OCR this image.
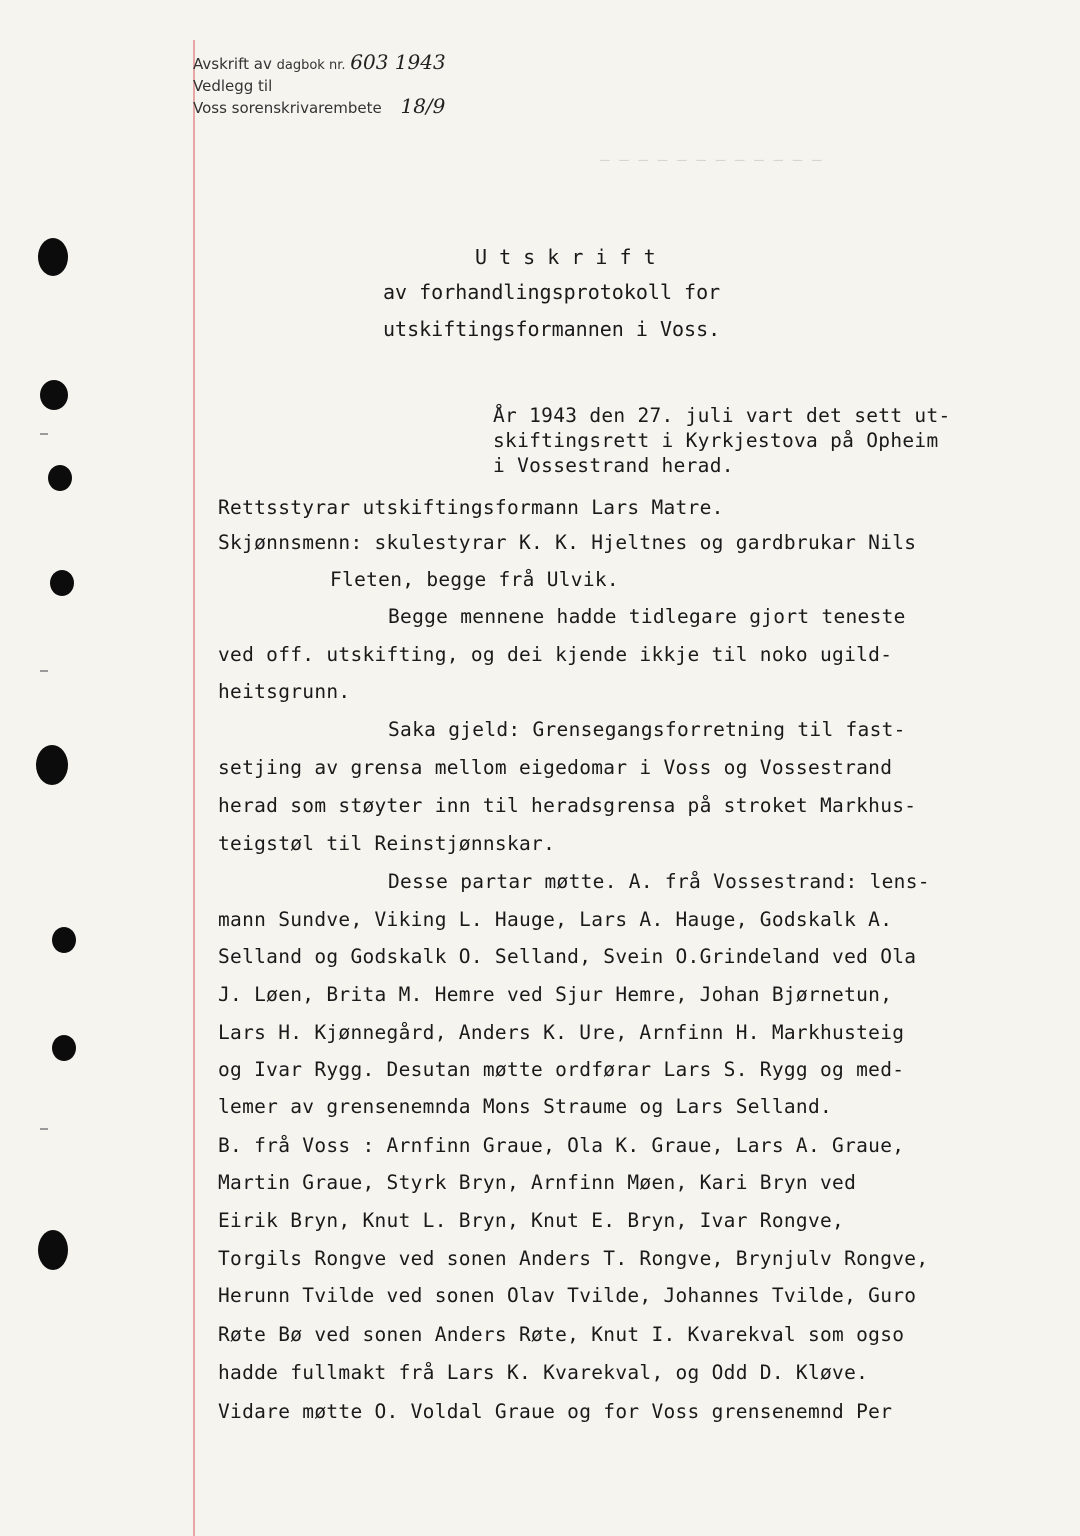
— — — — — — — — — — — —
Avskrift av dagbok nr. 603 1943
Vedlegg til
Voss sorenskrivarembete 18/9
U t s k r i f t
av forhandlingsprotokoll for
utskiftingsformannen i Voss.
År 1943 den 27. juli vart det sett ut-
skiftingsrett i Kyrkjestova på Opheim
i Vossestrand herad.
Rettsstyrar utskiftingsformann Lars Matre.
Skjønnsmenn: skulestyrar K. K. Hjeltnes og gardbrukar Nils
Fleten, begge frå Ulvik.
Begge mennene hadde tidlegare gjort teneste
ved off. utskifting, og dei kjende ikkje til noko ugild-
heitsgrunn.
Saka gjeld: Grensegangsforretning til fast-
setjing av grensa mellom eigedomar i Voss og Vossestrand
herad som støyter inn til heradsgrensa på stroket Markhus-
teigstøl til Reinstjønnskar.
Desse partar møtte. A. frå Vossestrand: lens-
mann Sundve, Viking L. Hauge, Lars A. Hauge, Godskalk A.
Selland og Godskalk O. Selland, Svein O.Grindeland ved Ola
J. Løen, Brita M. Hemre ved Sjur Hemre, Johan Bjørnetun,
Lars H. Kjønnegård, Anders K. Ure, Arnfinn H. Markhusteig
og Ivar Rygg. Desutan møtte ordførar Lars S. Rygg og med-
lemer av grensenemnda Mons Straume og Lars Selland.
B. frå Voss : Arnfinn Graue, Ola K. Graue, Lars A. Graue,
Martin Graue, Styrk Bryn, Arnfinn Møen, Kari Bryn ved
Eirik Bryn, Knut L. Bryn, Knut E. Bryn, Ivar Rongve,
Torgils Rongve ved sonen Anders T. Rongve, Brynjulv Rongve,
Herunn Tvilde ved sonen Olav Tvilde, Johannes Tvilde, Guro
Røte Bø ved sonen Anders Røte, Knut I. Kvarekval som ogso
hadde fullmakt frå Lars K. Kvarekval, og Odd D. Kløve.
Vidare møtte O. Voldal Graue og for Voss grensenemnd Per
